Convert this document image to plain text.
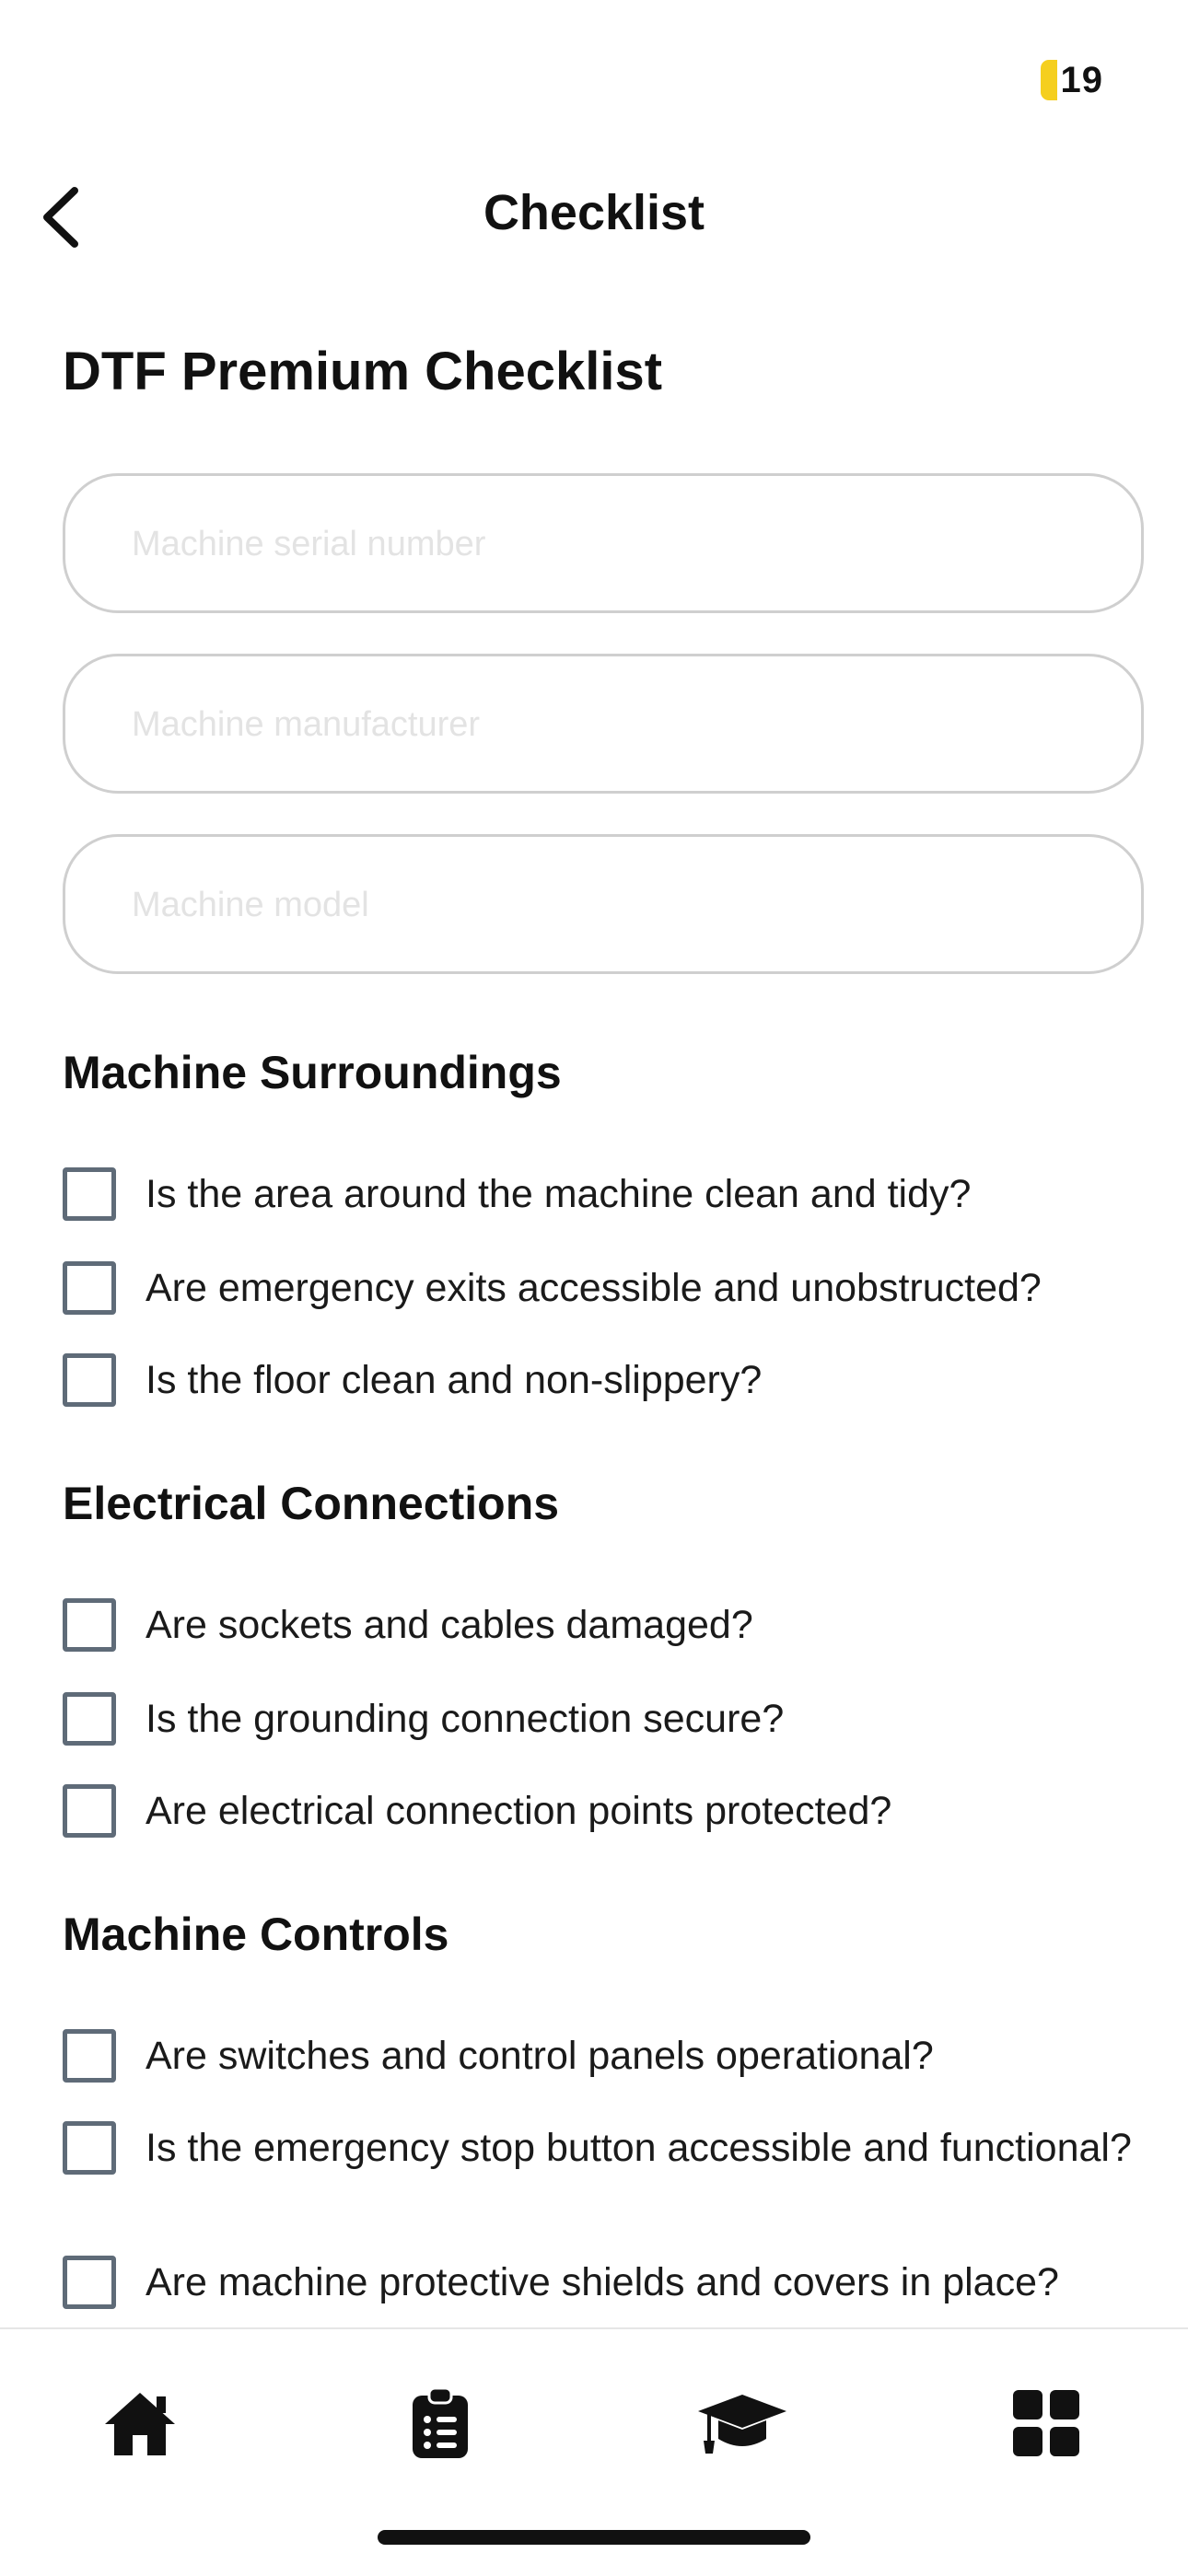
19
Checklist
DTF Premium Checklist
Machine serial number
Machine manufacturer
Machine model
Machine Surroundings
Is the area around the machine clean and tidy?
Are emergency exits accessible and unobstructed?
Is the floor clean and non-slippery?
Electrical Connections
Are sockets and cables damaged?
Is the grounding connection secure?
Are electrical connection points protected?
Machine Controls
Are switches and control panels operational?
Is the emergency stop button accessible and functional?
Are machine protective shields and covers in place?
